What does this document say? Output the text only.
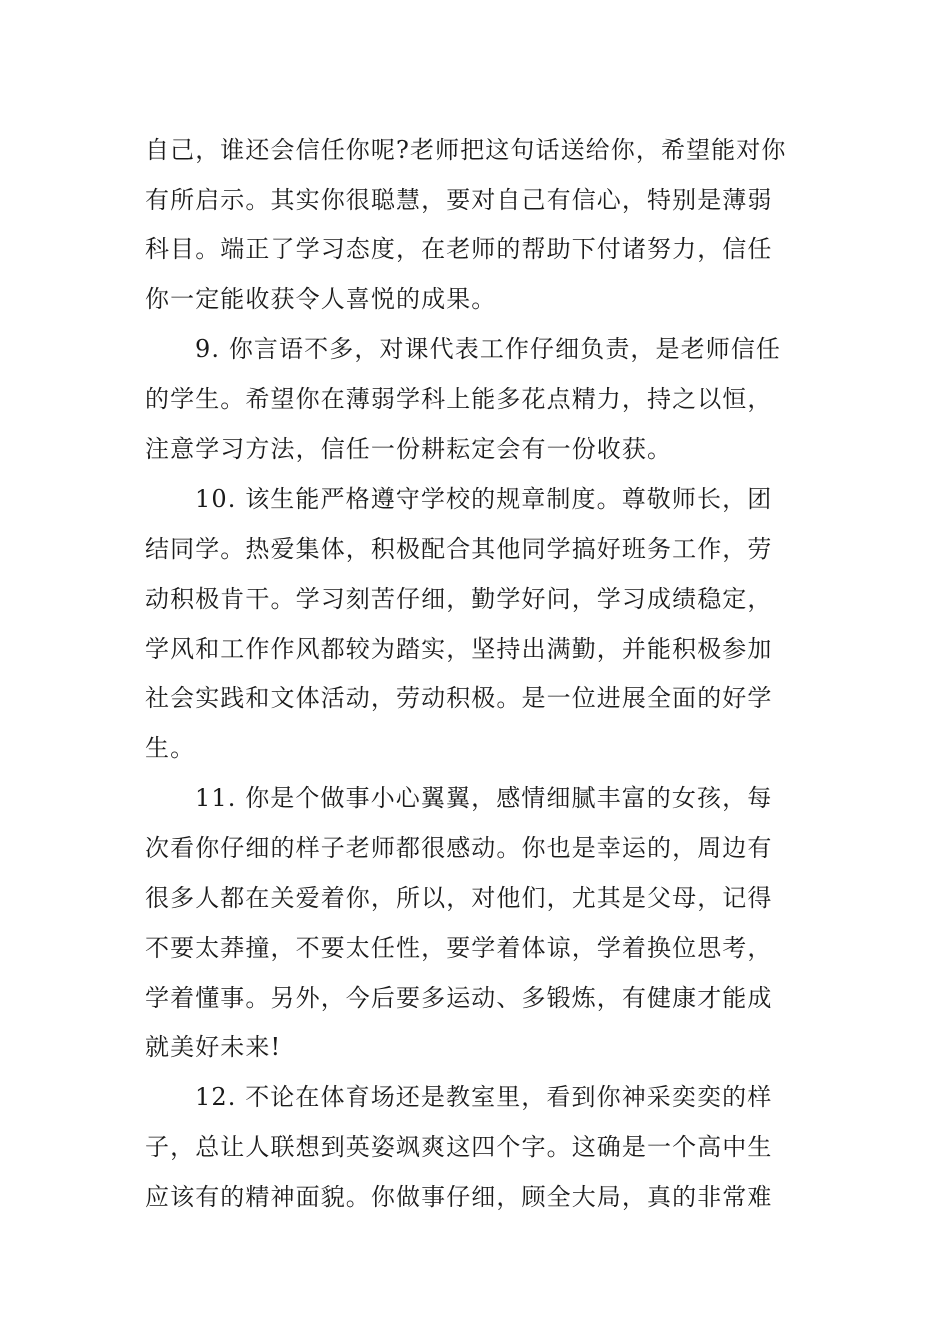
自己，谁还会信任你呢?老师把这句话送给你，希望能对你
有所启示。其实你很聪慧，要对自己有信心，特别是薄弱
科目。端正了学习态度，在老师的帮助下付诸努力，信任
你一定能收获令人喜悦的成果。
9. 你言语不多，对课代表工作仔细负责，是老师信任
的学生。希望你在薄弱学科上能多花点精力，持之以恒，
注意学习方法，信任一份耕耘定会有一份收获。
10. 该生能严格遵守学校的规章制度。尊敬师长，团
结同学。热爱集体，积极配合其他同学搞好班务工作，劳
动积极肯干。学习刻苦仔细，勤学好问，学习成绩稳定，
学风和工作作风都较为踏实，坚持出满勤，并能积极参加
社会实践和文体活动，劳动积极。是一位进展全面的好学
生。
11. 你是个做事小心翼翼，感情细腻丰富的女孩，每
次看你仔细的样子老师都很感动。你也是幸运的，周边有
很多人都在关爱着你，所以，对他们，尤其是父母，记得
不要太莽撞，不要太任性，要学着体谅，学着换位思考，
学着懂事。另外，今后要多运动、多锻炼，有健康才能成
就美好未来!
12. 不论在体育场还是教室里，看到你神采奕奕的样
子，总让人联想到英姿飒爽这四个字。这确是一个高中生
应该有的精神面貌。你做事仔细，顾全大局，真的非常难
